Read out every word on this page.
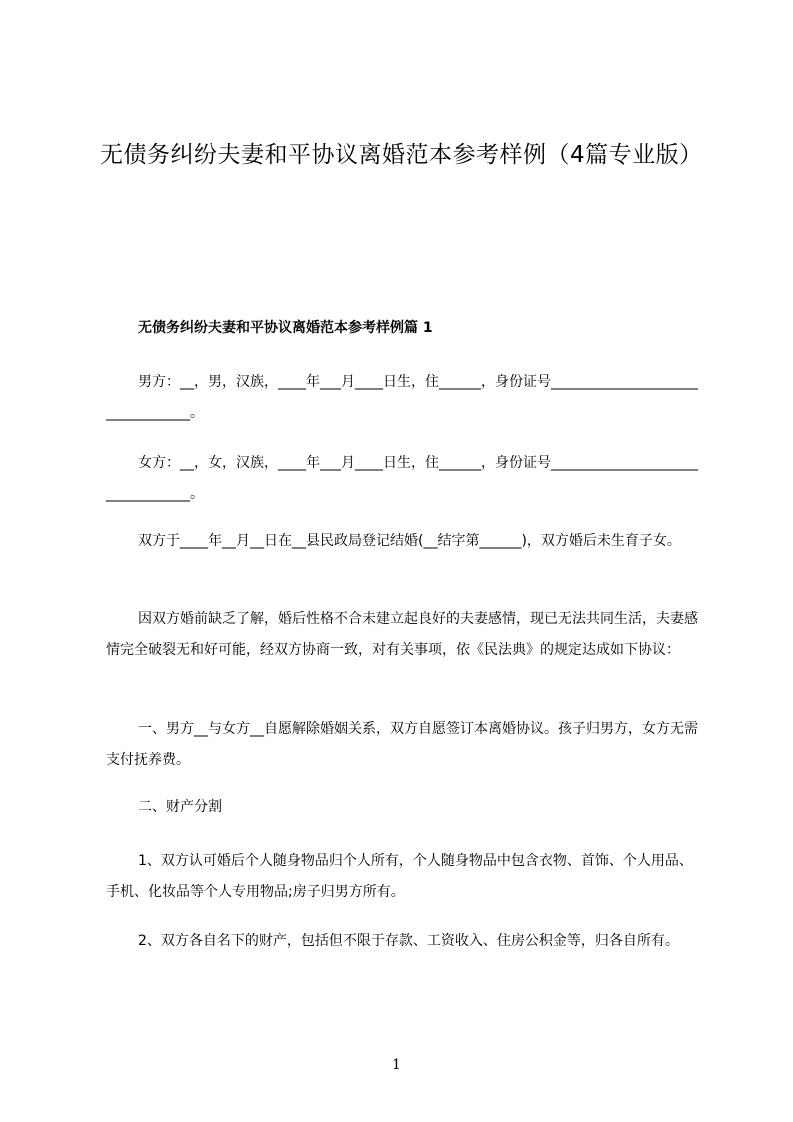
无债务纠纷夫妻和平协议离婚范本参考样例（4篇专业版）
无债务纠纷夫妻和平协议离婚范本参考样例篇 1

男方：__，男，汉族，____年___月____日生，住______，身份证号_________________________________。

女方：__，女，汉族，____年___月____日生，住______，身份证号_________________________________。

双方于____年__月__日在__县民政局登记结婚(__结字第______)，双方婚后未生育子女。

因双方婚前缺乏了解，婚后性格不合未建立起良好的夫妻感情，现已无法共同生活，夫妻感情完全破裂无和好可能，经双方协商一致，对有关事项，依《民法典》的规定达成如下协议：

一、男方__与女方__自愿解除婚姻关系，双方自愿签订本离婚协议。孩子归男方，女方无需支付抚养费。

二、财产分割

1、双方认可婚后个人随身物品归个人所有，个人随身物品中包含衣物、首饰、个人用品、手机、化妆品等个人专用物品;房子归男方所有。

2、双方各自名下的财产，包括但不限于存款、工资收入、住房公积金等，归各自所有。

1
